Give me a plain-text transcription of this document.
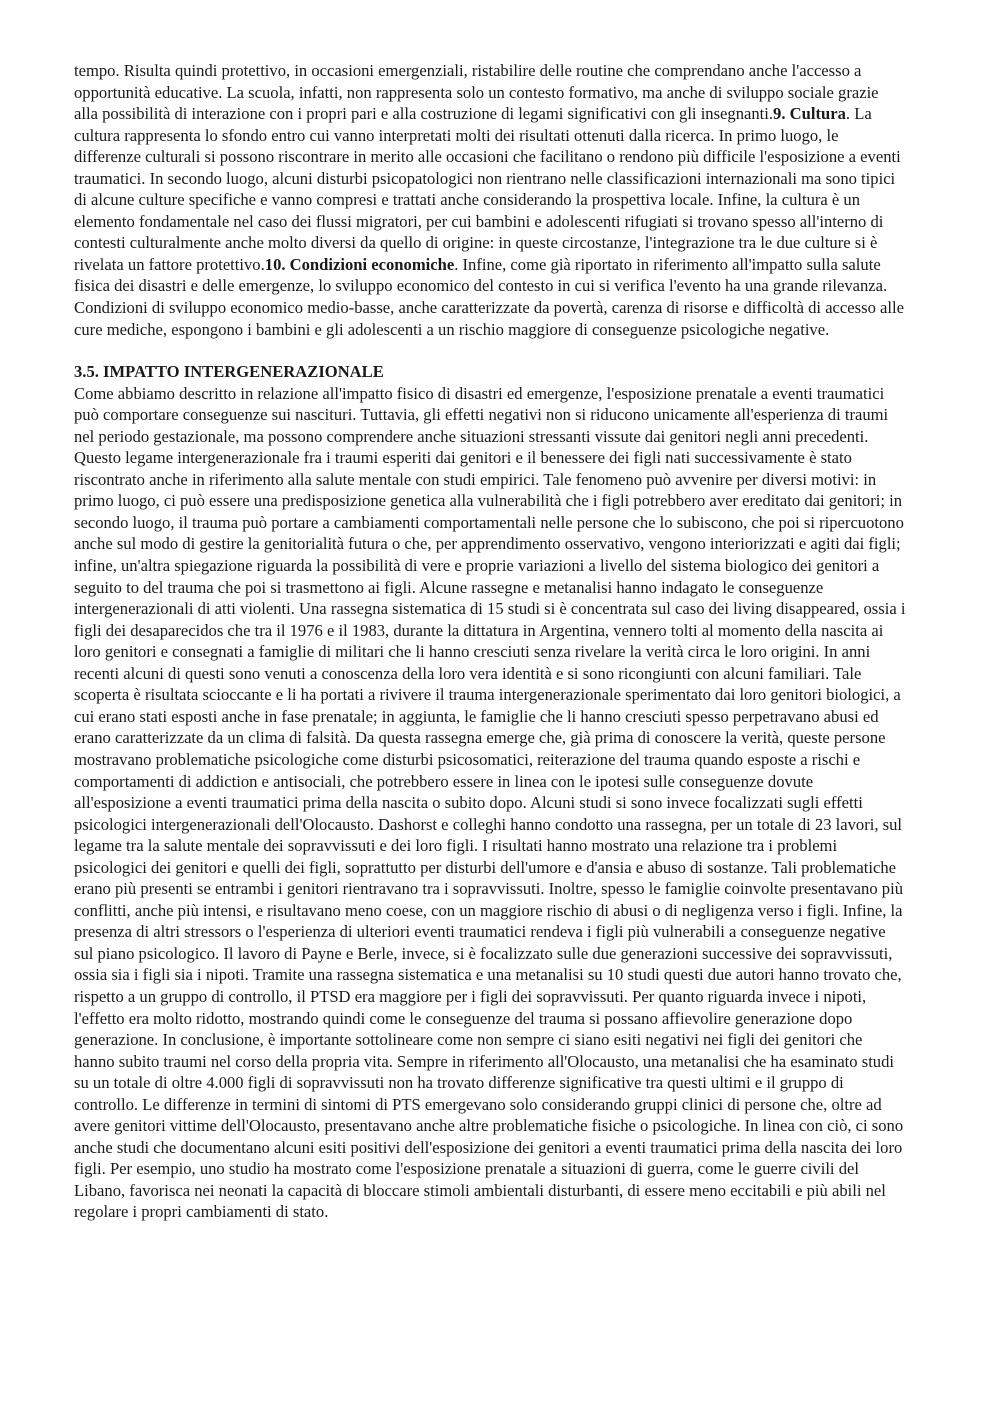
tempo. Risulta quindi protettivo, in occasioni emergenziali, ristabilire delle routine che comprendano anche l'accesso a opportunità educative. La scuola, infatti, non rappresenta solo un contesto formativo, ma anche di sviluppo sociale grazie alla possibilità di interazione con i propri pari e alla costruzione di legami significativi con gli insegnanti.9. Cultura. La cultura rappresenta lo sfondo entro cui vanno interpretati molti dei risultati ottenuti dalla ricerca. In primo luogo, le differenze culturali si possono riscontrare in merito alle occasioni che facilitano o rendono più difficile l'esposizione a eventi traumatici. In secondo luogo, alcuni disturbi psicopatologici non rientrano nelle classificazioni internazionali ma sono tipici di alcune culture specifiche e vanno compresi e trattati anche considerando la prospettiva locale. Infine, la cultura è un elemento fondamentale nel caso dei flussi migratori, per cui bambini e adolescenti rifugiati si trovano spesso all'interno di contesti culturalmente anche molto diversi da quello di origine: in queste circostanze, l'integrazione tra le due culture si è rivelata un fattore protettivo.10. Condizioni economiche. Infine, come già riportato in riferimento all'impatto sulla salute fisica dei disastri e delle emergenze, lo sviluppo economico del contesto in cui si verifica l'evento ha una grande rilevanza. Condizioni di sviluppo economico medio-basse, anche caratterizzate da povertà, carenza di risorse e difficoltà di accesso alle cure mediche, espongono i bambini e gli adolescenti a un rischio maggiore di conseguenze psicologiche negative.

3.5. IMPATTO INTERGENERAZIONALE

Come abbiamo descritto in relazione all'impatto fisico di disastri ed emergenze, l'esposizione prenatale a eventi traumatici può comportare conseguenze sui nascituri. Tuttavia, gli effetti negativi non si riducono unicamente all'esperienza di traumi nel periodo gestazionale, ma possono comprendere anche situazioni stressanti vissute dai genitori negli anni precedenti. Questo legame intergenerazionale fra i traumi esperiti dai genitori e il benessere dei figli nati successivamente è stato riscontrato anche in riferimento alla salute mentale con studi empirici. Tale fenomeno può avvenire per diversi motivi: in primo luogo, ci può essere una predisposizione genetica alla vulnerabilità che i figli potrebbero aver ereditato dai genitori; in secondo luogo, il trauma può portare a cambiamenti comportamentali nelle persone che lo subiscono, che poi si ripercuotono anche sul modo di gestire la genitorialità futura o che, per apprendimento osservativo, vengono interiorizzati e agiti dai figli; infine, un'altra spiegazione riguarda la possibilità di vere e proprie variazioni a livello del sistema biologico dei genitori a seguito to del trauma che poi si trasmettono ai figli. Alcune rassegne e metanalisi hanno indagato le conseguenze intergenerazionali di atti violenti. Una rassegna sistematica di 15 studi si è concentrata sul caso dei living disappeared, ossia i figli dei desaparecidos che tra il 1976 e il 1983, durante la dittatura in Argentina, vennero tolti al momento della nascita ai loro genitori e consegnati a famiglie di militari che li hanno cresciuti senza rivelare la verità circa le loro origini. In anni recenti alcuni di questi sono venuti a conoscenza della loro vera identità e si sono ricongiunti con alcuni familiari. Tale scoperta è risultata scioccante e li ha portati a rivivere il trauma intergenerazionale sperimentato dai loro genitori biologici, a cui erano stati esposti anche in fase prenatale; in aggiunta, le famiglie che li hanno cresciuti spesso perpetravano abusi ed erano caratterizzate da un clima di falsità. Da questa rassegna emerge che, già prima di conoscere la verità, queste persone mostravano problematiche psicologiche come disturbi psicosomatici, reiterazione del trauma quando esposte a rischi e comportamenti di addiction e antisociali, che potrebbero essere in linea con le ipotesi sulle conseguenze dovute all'esposizione a eventi traumatici prima della nascita o subito dopo. Alcuni studi si sono invece focalizzati sugli effetti psicologici intergenerazionali dell'Olocausto. Dashorst e colleghi hanno condotto una rassegna, per un totale di 23 lavori, sul legame tra la salute mentale dei sopravvissuti e dei loro figli. I risultati hanno mostrato una relazione tra i problemi psicologici dei genitori e quelli dei figli, soprattutto per disturbi dell'umore e d'ansia e abuso di sostanze. Tali problematiche erano più presenti se entrambi i genitori rientravano tra i sopravvissuti. Inoltre, spesso le famiglie coinvolte presentavano più conflitti, anche più intensi, e risultavano meno coese, con un maggiore rischio di abusi o di negligenza verso i figli. Infine, la presenza di altri stressors o l'esperienza di ulteriori eventi traumatici rendeva i figli più vulnerabili a conseguenze negative sul piano psicologico. Il lavoro di Payne e Berle, invece, si è focalizzato sulle due generazioni successive dei sopravvissuti, ossia sia i figli sia i nipoti. Tramite una rassegna sistematica e una metanalisi su 10 studi questi due autori hanno trovato che, rispetto a un gruppo di controllo, il PTSD era maggiore per i figli dei sopravvissuti. Per quanto riguarda invece i nipoti, l'effetto era molto ridotto, mostrando quindi come le conseguenze del trauma si possano affievolire generazione dopo generazione. In conclusione, è importante sottolineare come non sempre ci siano esiti negativi nei figli dei genitori che hanno subito traumi nel corso della propria vita. Sempre in riferimento all'Olocausto, una metanalisi che ha esaminato studi su un totale di oltre 4.000 figli di sopravvissuti non ha trovato differenze significative tra questi ultimi e il gruppo di controllo. Le differenze in termini di sintomi di PTS emergevano solo considerando gruppi clinici di persone che, oltre ad avere genitori vittime dell'Olocausto, presentavano anche altre problematiche fisiche o psicologiche. In linea con ciò, ci sono anche studi che documentano alcuni esiti positivi dell'esposizione dei genitori a eventi traumatici prima della nascita dei loro figli. Per esempio, uno studio ha mostrato come l'esposizione prenatale a situazioni di guerra, come le guerre civili del Libano, favorisca nei neonati la capacità di bloccare stimoli ambientali disturbanti, di essere meno eccitabili e più abili nel regolare i propri cambiamenti di stato.
